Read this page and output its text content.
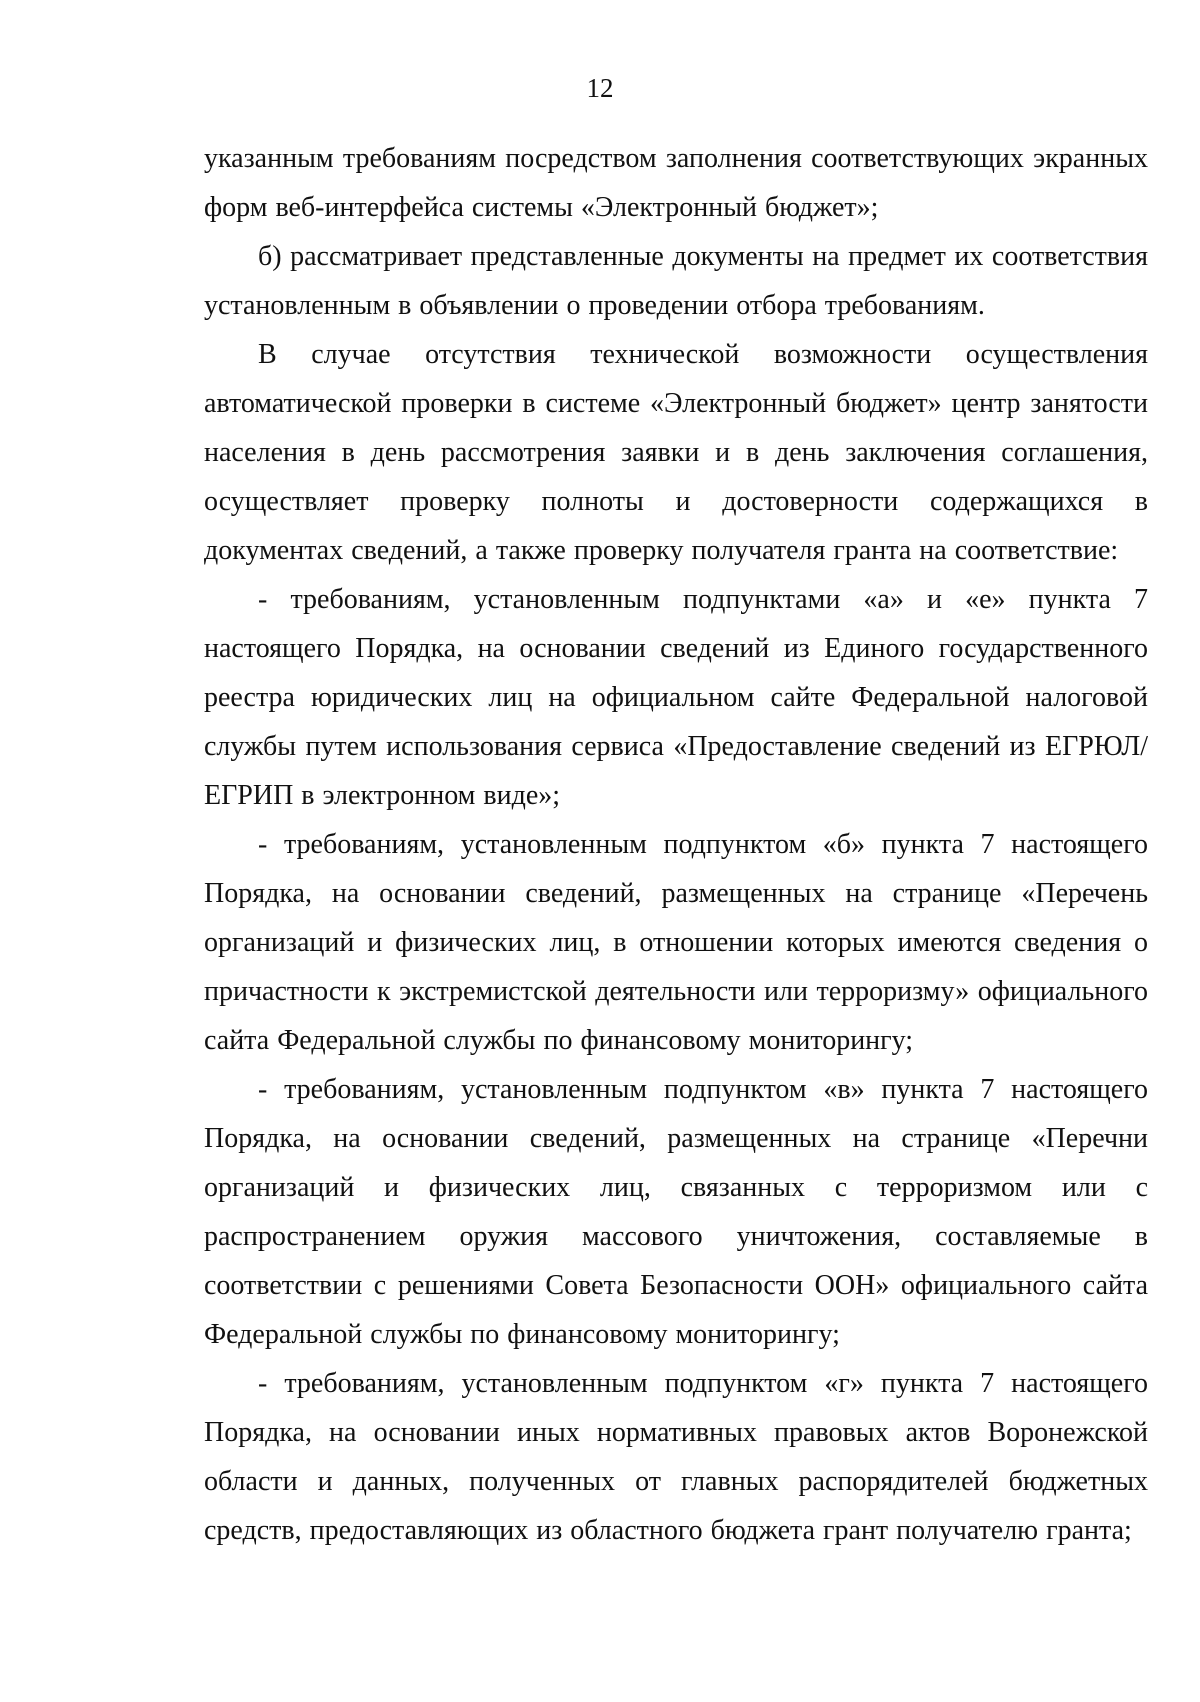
12

указанным требованиям посредством заполнения соответствующих экранных форм веб-интерфейса системы «Электронный бюджет»;

б) рассматривает представленные документы на предмет их соответствия установленным в объявлении о проведении отбора требованиям.

В случае отсутствия технической возможности осуществления автоматической проверки в системе «Электронный бюджет» центр занятости населения в день рассмотрения заявки и в день заключения соглашения, осуществляет проверку полноты и достоверности содержащихся в документах сведений, а также проверку получателя гранта на соответствие:

- требованиям, установленным подпунктами «а» и «е» пункта 7 настоящего Порядка, на основании сведений из Единого государственного реестра юридических лиц на официальном сайте Федеральной налоговой службы путем использования сервиса «Предоставление сведений из ЕГРЮЛ/ЕГРИП в электронном виде»;

- требованиям, установленным подпунктом «б» пункта 7 настоящего Порядка, на основании сведений, размещенных на странице «Перечень организаций и физических лиц, в отношении которых имеются сведения о причастности к экстремистской деятельности или терроризму» официального сайта Федеральной службы по финансовому мониторингу;

- требованиям, установленным подпунктом «в» пункта 7 настоящего Порядка, на основании сведений, размещенных на странице «Перечни организаций и физических лиц, связанных с терроризмом или с распространением оружия массового уничтожения, составляемые в соответствии с решениями Совета Безопасности ООН» официального сайта Федеральной службы по финансовому мониторингу;

- требованиям, установленным подпунктом «г» пункта 7 настоящего Порядка, на основании иных нормативных правовых актов Воронежской области и данных, полученных от главных распорядителей бюджетных средств, предоставляющих из областного бюджета грант получателю гранта;
